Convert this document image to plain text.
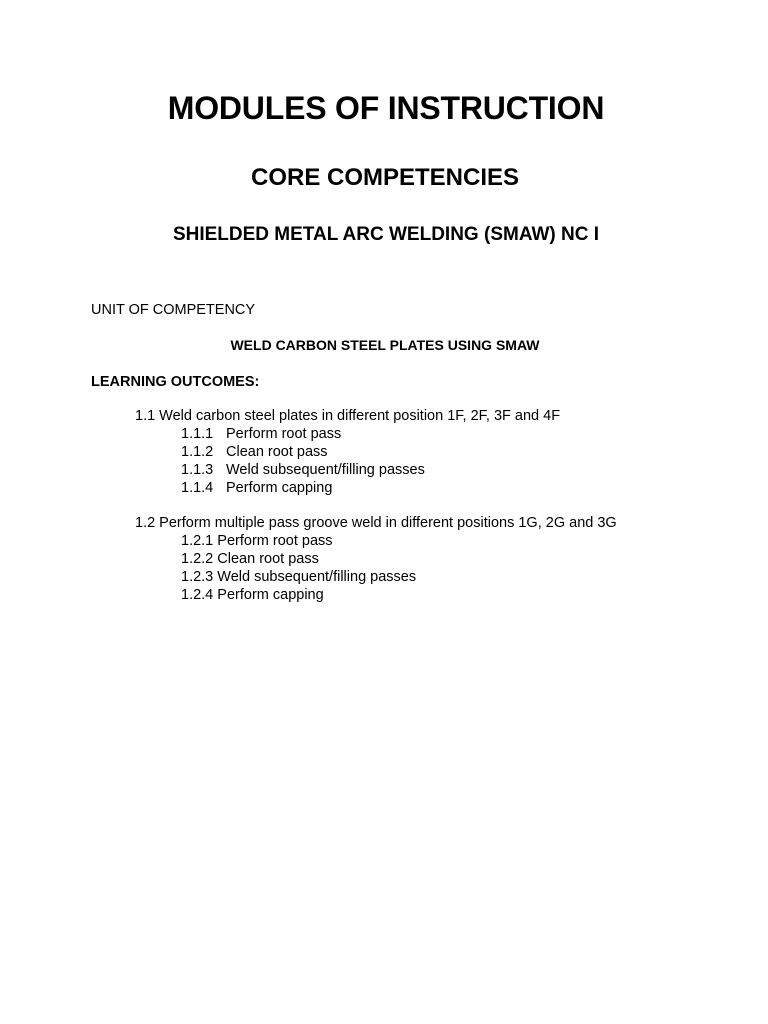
MODULES OF INSTRUCTION
CORE COMPETENCIES
SHIELDED METAL ARC WELDING (SMAW) NC I

UNIT OF COMPETENCY

WELD CARBON STEEL PLATES USING SMAW

LEARNING OUTCOMES:

1.1 Weld carbon steel plates in different position 1F, 2F, 3F and 4F

1.1.1 Perform root pass

1.1.2 Clean root pass

1.1.3 Weld subsequent/filling passes

1.1.4 Perform capping

1.2 Perform multiple pass groove weld in different positions 1G, 2G and 3G

1.2.1 Perform root pass

1.2.2 Clean root pass

1.2.3 Weld subsequent/filling passes

1.2.4 Perform capping
